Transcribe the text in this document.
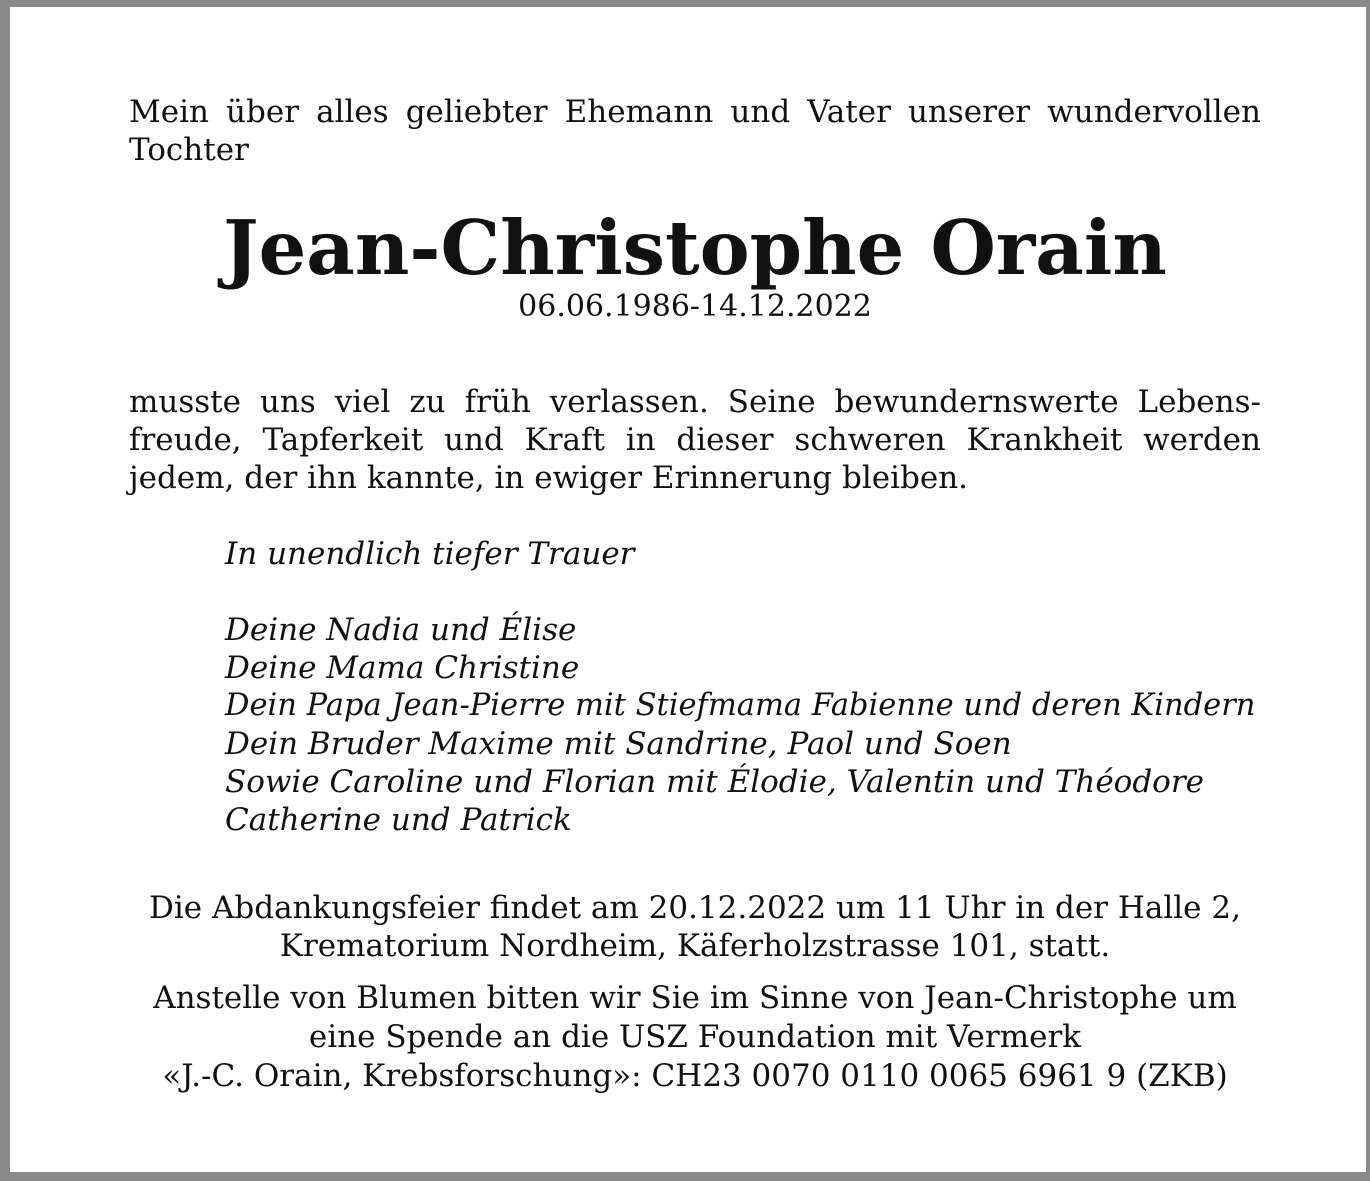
Mein über alles geliebter Ehemann und Vater unserer wundervollen Tochter

Jean-Christophe Orain

06.06.1986-14.12.2022

musste uns viel zu früh verlassen. Seine bewundernswerte Lebens-freude, Tapferkeit und Kraft in dieser schweren Krankheit werden jedem, der ihn kannte, in ewiger Erinnerung bleiben.

In unendlich tiefer Trauer
Deine Nadia und Élise
Deine Mama Christine
Dein Papa Jean-Pierre mit Stiefmama Fabienne und deren Kindern
Dein Bruder Maxime mit Sandrine, Paol und Soen
Sowie Caroline und Florian mit Élodie, Valentin und Théodore
Catherine und Patrick
Die Abdankungsfeier findet am 20.12.2022 um 11 Uhr in der Halle 2,
Krematorium Nordheim, Käferholzstrasse 101, statt.
Anstelle von Blumen bitten wir Sie im Sinne von Jean-Christophe um
eine Spende an die USZ Foundation mit Vermerk
«J.-C. Orain, Krebsforschung»: CH23 0070 0110 0065 6961 9 (ZKB)
